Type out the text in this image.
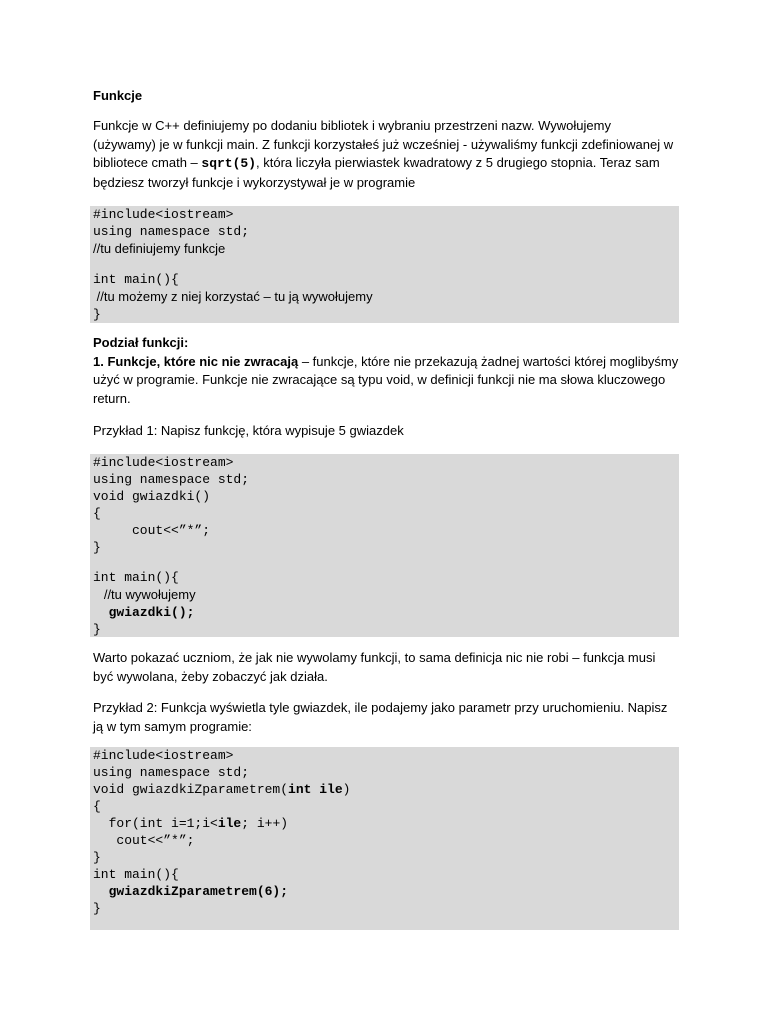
Funkcje
Funkcje w C++ definiujemy po dodaniu bibliotek i wybraniu przestrzeni nazw. Wywołujemy
(używamy) je w funkcji main. Z funkcji korzystałeś już wcześniej - używaliśmy funkcji zdefiniowanej w
bibliotece cmath – sqrt(5), która liczyła pierwiastek kwadratowy z 5 drugiego stopnia. Teraz sam
będziesz tworzył funkcje i wykorzystywał je w programie
#include<iostream>
using namespace std;
//tu definiujemy funkcje
int main(){
//tu możemy z niej korzystać – tu ją wywołujemy
}
Podział funkcji:
1. Funkcje, które nic nie zwracają – funkcje, które nie przekazują żadnej wartości której moglibyśmy
użyć w programie. Funkcje nie zwracające są typu void, w definicji funkcji nie ma słowa kluczowego
return.
Przykład 1: Napisz funkcję, która wypisuje 5 gwiazdek
#include<iostream>
using namespace std;
void gwiazdki()
{
cout<<”*”;
}
int main(){
//tu wywołujemy
gwiazdki();
}
Warto pokazać uczniom, że jak nie wywolamy funkcji, to sama definicja nic nie robi – funkcja musi
być wywolana, żeby zobaczyć jak działa.
Przykład 2: Funkcja wyświetla tyle gwiazdek, ile podajemy jako parametr przy uruchomieniu. Napisz
ją w tym samym programie:
#include<iostream>
using namespace std;
void gwiazdkiZparametrem(int ile)
{
for(int i=1;i<ile; i++)
cout<<”*”;
}
int main(){
gwiazdkiZparametrem(6);
}
